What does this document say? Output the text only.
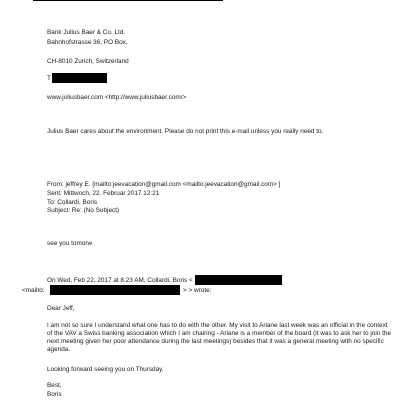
Bank Julius Baer & Co. Ltd.
Bahnhofstrasse 36, PO Box,
CH-8010 Zurich, Switzerland
T
www.juliusbaer.com <http://www.juliusbaer.com/>
Julius Baer cares about the environment. Please do not print this e-mail unless you really need to.
From: jeffrey E. [mailto:jeevacation@gmail.com <mailto:jeevacation@gmail.com> ]
Sent: Mittwoch, 22. Februar 2017 12:21
To: Collardi, Boris
Subject: Re: (No Subject)
see you tomorw
On Wed, Feb 22, 2017 at 8:23 AM, Collardi, Boris <
<mailto:	> > wrote:
Dear Jeff,
I am not so sure I understand what one has to do with the other. My visit to Ariane last week was an official in the context of the VAV a Swiss banking association which I am chairing - Ariane is a member of the board (it was to ask her to join the next meeting given her poor attendance during the last meetings) besides that it was a general meeting with no specific agenda.
Looking forward seeing you on Thursday.
Best,
Boris
